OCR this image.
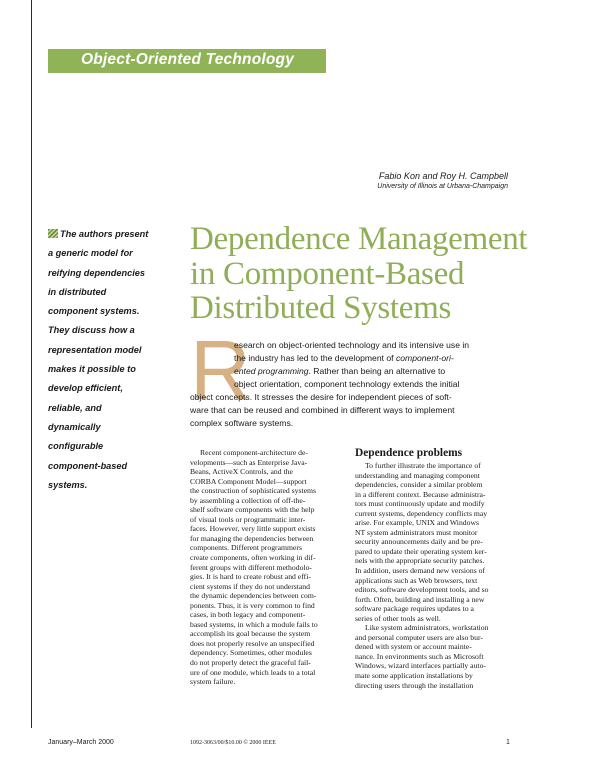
Object-Oriented Technology
Fabio Kon and Roy H. Campbell
University of Illinois at Urbana-Champaign
The authors present
a generic model for
reifying dependencies
in distributed
component systems.
They discuss how a
representation model
makes it possible to
develop efficient,
reliable, and
dynamically
configurable
component-based
systems.
Dependence Management
in Component-Based
Distributed Systems
R
esearch on object-oriented technology and its intensive use in
the industry has led to the development of component-ori-
ented programming. Rather than being an alternative to
object orientation, component technology extends the initial
object concepts. It stresses the desire for independent pieces of soft-
ware that can be reused and combined in different ways to implement
complex software systems.
Recent component-architecture de-
velopments—such as Enterprise Java-
Beans, ActiveX Controls, and the
CORBA Component Model—support
the construction of sophisticated systems
by assembling a collection of off-the-
shelf software components with the help
of visual tools or programmatic inter-
faces. However, very little support exists
for managing the dependencies between
components. Different programmers
create components, often working in dif-
ferent groups with different methodolo-
gies. It is hard to create robust and effi-
cient systems if they do not understand
the dynamic dependencies between com-
ponents. Thus, it is very common to find
cases, in both legacy and component-
based systems, in which a module fails to
accomplish its goal because the system
does not properly resolve an unspecified
dependency. Sometimes, other modules
do not properly detect the graceful fail-
ure of one module, which leads to a total
system failure.
Dependence problems
To further illustrate the importance of
understanding and managing component
dependencies, consider a similar problem
in a different context. Because administra-
tors must continuously update and modify
current systems, dependency conflicts may
arise. For example, UNIX and Windows
NT system administrators must monitor
security announcements daily and be pre-
pared to update their operating system ker-
nels with the appropriate security patches.
In addition, users demand new versions of
applications such as Web browsers, text
editors, software development tools, and so
forth. Often, building and installing a new
software package requires updates to a
series of other tools as well.
Like system administrators, workstation
and personal computer users are also bur-
dened with system or account mainte-
nance. In environments such as Microsoft
Windows, wizard interfaces partially auto-
mate some application installations by
directing users through the installation
January–March 2000	1092-3063/00/$10.00 © 2000 IEEE	1
